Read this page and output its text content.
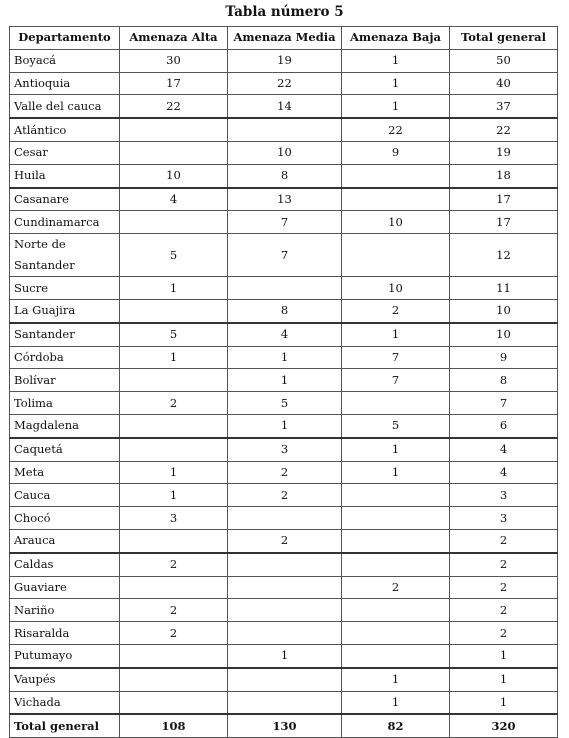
Tabla número 5
Departamento	Amenaza Alta	Amenaza Media	Amenaza Baja	Total general
Boyacá	30	19	1	50
Antioquia	17	22	1	40
Valle del cauca	22	14	1	37
Atlántico			22	22
Cesar		10	9	19
Huila	10	8		18
Casanare	4	13		17
Cundinamarca		7	10	17
Norte de Santander	5	7		12
Sucre	1		10	11
La Guajira		8	2	10
Santander	5	4	1	10
Córdoba	1	1	7	9
Bolívar		1	7	8
Tolima	2	5		7
Magdalena		1	5	6
Caquetá		3	1	4
Meta	1	2	1	4
Cauca	1	2		3
Chocó	3			3
Arauca		2		2
Caldas	2			2
Guaviare			2	2
Nariño	2			2
Risaralda	2			2
Putumayo		1		1
Vaupés			1	1
Vichada			1	1
Total general	108	130	82	320
